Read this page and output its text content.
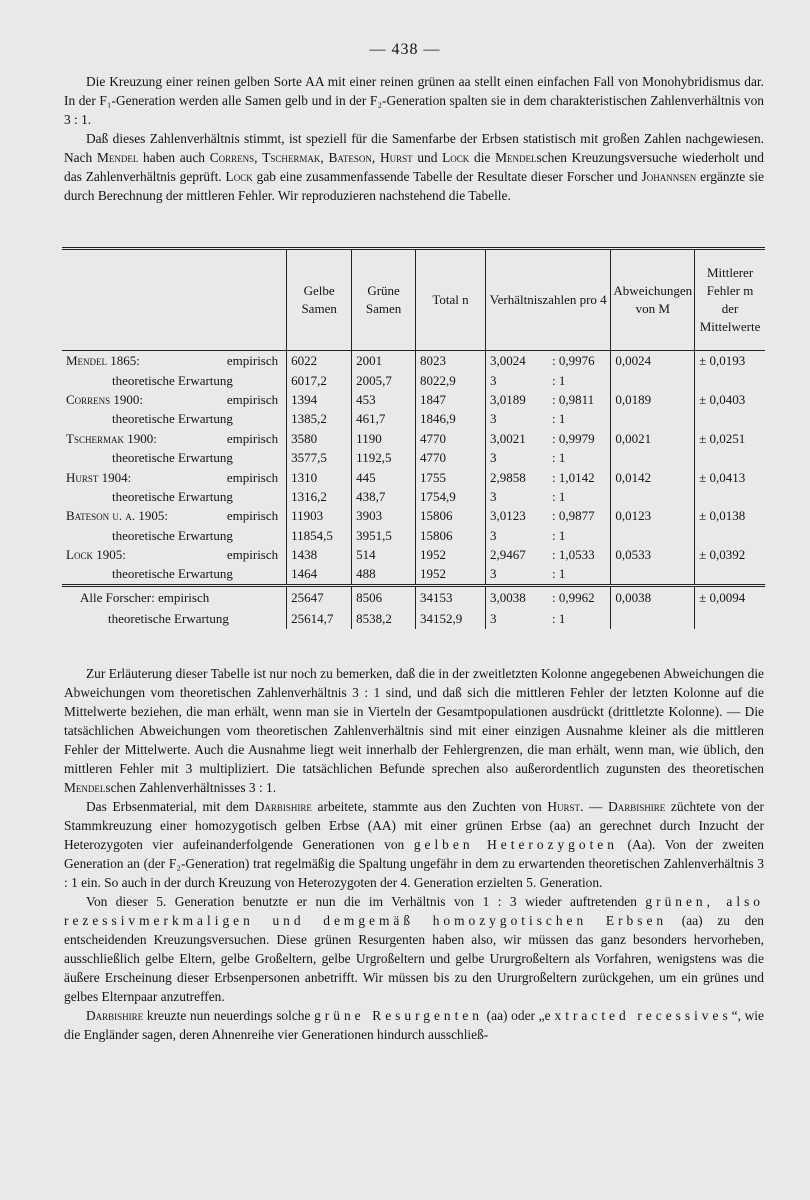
— 438 —

Die Kreuzung einer reinen gelben Sorte AA mit einer reinen grünen aa stellt einen einfachen Fall von Monohybridismus dar. In der F₁-Generation werden alle Samen gelb und in der F₂-Generation spalten sie in dem charakteristischen Zahlenverhältnis von 3 : 1.

Daß dieses Zahlenverhältnis stimmt, ist speziell für die Samenfarbe der Erbsen statistisch mit großen Zahlen nachgewiesen. Nach Mendel haben auch Correns, Tschermak, Bateson, Hurst und Lock die Mendelschen Kreuzungsversuche wiederholt und das Zahlenverhältnis geprüft. Lock gab eine zusammenfassende Tabelle der Resultate dieser Forscher und Johannsen ergänzte sie durch Berechnung der mittleren Fehler. Wir reproduzieren nachstehend die Tabelle.

	Gelbe Samen	Grüne Samen	Total n	Verhältniszahlen pro 4	Abweichungen von M	Mittlerer Fehler m der Mittelwerte

Mendel 1865: empirisch	6022	2001	8023	3,0024 : 0,9976	0,0024	± 0,0193
theoretische Erwartung	6017,2	2005,7	8022,9	3 : 1		

Correns 1900: empirisch	1394	453	1847	3,0189 : 0,9811	0,0189	± 0,0403
theoretische Erwartung	1385,2	461,7	1846,9	3 : 1		

Tschermak 1900: empirisch	3580	1190	4770	3,0021 : 0,9979	0,0021	± 0,0251
theoretische Erwartung	3577,5	1192,5	4770	3 : 1		

Hurst 1904: empirisch	1310	445	1755	2,9858 : 1,0142	0,0142	± 0,0413
theoretische Erwartung	1316,2	438,7	1754,9	3 : 1		

Bateson u. a. 1905: empirisch	11903	3903	15806	3,0123 : 0,9877	0,0123	± 0,0138
theoretische Erwartung	11854,5	3951,5	15806	3 : 1		

Lock 1905: empirisch	1438	514	1952	2,9467 : 1,0533	0,0533	± 0,0392
theoretische Erwartung	1464	488	1952	3 : 1		
Alle Forscher: empirisch	25647	8506	34153	3,0038 : 0,9962	0,0038	± 0,0094
theoretische Erwartung	25614,7	8538,2	34152,9	3 : 1		

Zur Erläuterung dieser Tabelle ist nur noch zu bemerken, daß die in der zweitletzten Kolonne angegebenen Abweichungen die Abweichungen vom theoretischen Zahlenverhältnis 3 : 1 sind, und daß sich die mittleren Fehler der letzten Kolonne auf die Mittelwerte beziehen, die man erhält, wenn man sie in Vierteln der Gesamtpopulationen ausdrückt (drittletzte Kolonne). — Die tatsächlichen Abweichungen vom theoretischen Zahlenverhältnis sind mit einer einzigen Ausnahme kleiner als die mittleren Fehler der Mittelwerte. Auch die Ausnahme liegt weit innerhalb der Fehlergrenzen, die man erhält, wenn man, wie üblich, den mittleren Fehler mit 3 multipliziert. Die tatsächlichen Befunde sprechen also außerordentlich zugunsten des theoretischen Mendelschen Zahlenverhältnisses 3 : 1.

Das Erbsenmaterial, mit dem Darbishire arbeitete, stammte aus den Zuchten von Hurst. — Darbishire züchtete von der Stammkreuzung einer homozygotisch gelben Erbse (AA) mit einer grünen Erbse (aa) an gerechnet durch Inzucht der Heterozygoten vier aufeinanderfolgende Generationen von gelben Heterozygoten (Aa). Von der zweiten Generation an (der F₂-Generation) trat regelmäßig die Spaltung ungefähr in dem zu erwartenden theoretischen Zahlenverhältnis 3 : 1 ein. So auch in der durch Kreuzung von Heterozygoten der 4. Generation erzielten 5. Generation.

Von dieser 5. Generation benutzte er nun die im Verhältnis von 1 : 3 wieder auftretenden grünen, also rezessivmerkmaligen und demgemäß homozygotischen Erbsen (aa) zu den entscheidenden Kreuzungsversuchen. Diese grünen Resurgenten haben also, wir müssen das ganz besonders hervorheben, ausschließlich gelbe Eltern, gelbe Großeltern, gelbe Urgroßeltern und gelbe Ururgroßeltern als Vorfahren, wenigstens was die äußere Erscheinung dieser Erbsenpersonen anbetrifft. Wir müssen bis zu den Ururgroßeltern zurückgehen, um ein grünes und gelbes Elternpaar anzutreffen.

Darbishire kreuzte nun neuerdings solche grüne Resurgenten (aa) oder „extracted recessives“, wie die Engländer sagen, deren Ahnenreihe vier Generationen hindurch ausschließ-
